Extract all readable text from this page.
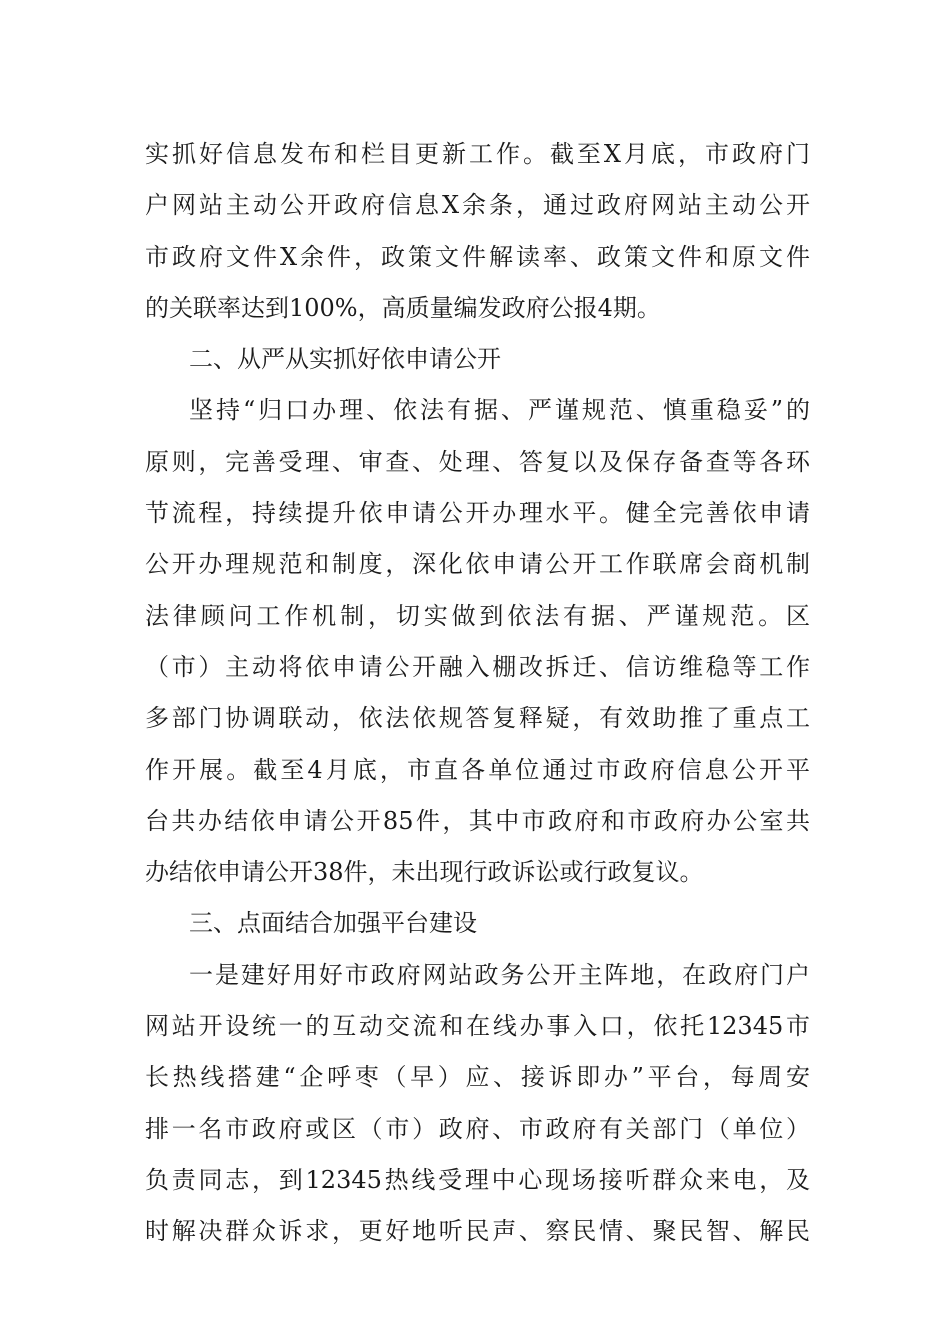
实抓好信息发布和栏目更新工作。截至X月底，市政府门
户网站主动公开政府信息X余条，通过政府网站主动公开
市政府文件X余件，政策文件解读率、政策文件和原文件
的关联率达到100%，高质量编发政府公报4期。
二、从严从实抓好依申请公开
坚持“归口办理、依法有据、严谨规范、慎重稳妥”的
原则，完善受理、审查、处理、答复以及保存备查等各环
节流程，持续提升依申请公开办理水平。健全完善依申请
公开办理规范和制度，深化依申请公开工作联席会商机制
法律顾问工作机制，切实做到依法有据、严谨规范。区
（市）主动将依申请公开融入棚改拆迁、信访维稳等工作
多部门协调联动，依法依规答复释疑，有效助推了重点工
作开展。截至4月底，市直各单位通过市政府信息公开平
台共办结依申请公开85件，其中市政府和市政府办公室共
办结依申请公开38件，未出现行政诉讼或行政复议。
三、点面结合加强平台建设
一是建好用好市政府网站政务公开主阵地，在政府门户
网站开设统一的互动交流和在线办事入口，依托12345市
长热线搭建“企呼枣（早）应、接诉即办”平台，每周安
排一名市政府或区（市）政府、市政府有关部门（单位）
负责同志，到12345热线受理中心现场接听群众来电，及
时解决群众诉求，更好地听民声、察民情、聚民智、解民
